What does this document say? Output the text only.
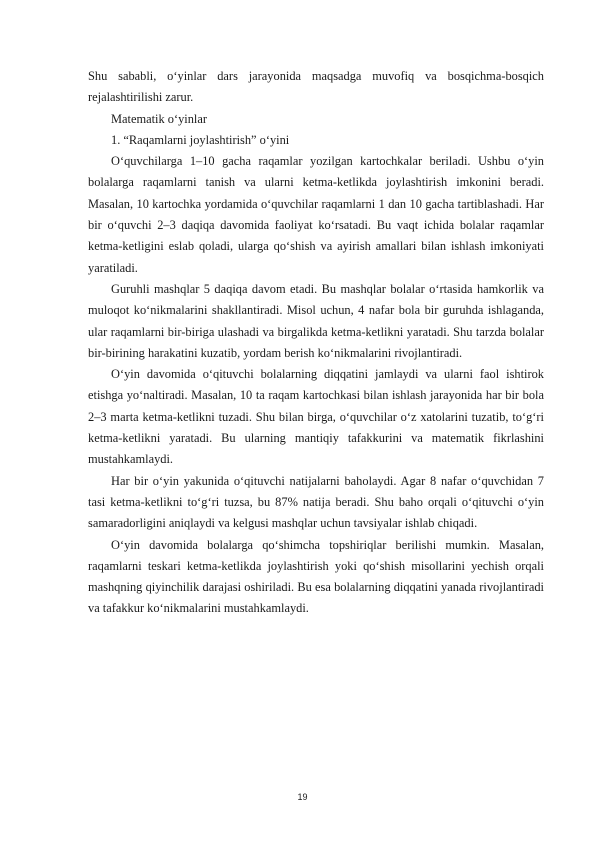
Shu sababli, o‘yinlar dars jarayonida maqsadga muvofiq va bosqichma-bosqich rejalashtirilishi zarur.

Matematik o‘yinlar

1. “Raqamlarni joylashtirish” o‘yini

O‘quvchilarga 1–10 gacha raqamlar yozilgan kartochkalar beriladi. Ushbu o‘yin bolalarga raqamlarni tanish va ularni ketma-ketlikda joylashtirish imkonini beradi. Masalan, 10 kartochka yordamida o‘quvchilar raqamlarni 1 dan 10 gacha tartiblashadi. Har bir o‘quvchi 2–3 daqiqa davomida faoliyat ko‘rsatadi. Bu vaqt ichida bolalar raqamlar ketma-ketligini eslab qoladi, ularga qo‘shish va ayirish amallari bilan ishlash imkoniyati yaratiladi.

Guruhli mashqlar 5 daqiqa davom etadi. Bu mashqlar bolalar o‘rtasida hamkorlik va muloqot ko‘nikmalarini shakllantiradi. Misol uchun, 4 nafar bola bir guruhda ishlaganda, ular raqamlarni bir-biriga ulashadi va birgalikda ketma-ketlikni yaratadi. Shu tarzda bolalar bir-birining harakatini kuzatib, yordam berish ko‘nikmalarini rivojlantiradi.

O‘yin davomida o‘qituvchi bolalarning diqqatini jamlaydi va ularni faol ishtirok etishga yo‘naltiradi. Masalan, 10 ta raqam kartochkasi bilan ishlash jarayonida har bir bola 2–3 marta ketma-ketlikni tuzadi. Shu bilan birga, o‘quvchilar o‘z xatolarini tuzatib, to‘g‘ri ketma-ketlikni yaratadi. Bu ularning mantiqiy tafakkurini va matematik fikrlashini mustahkamlaydi.

Har bir o‘yin yakunida o‘qituvchi natijalarni baholaydi. Agar 8 nafar o‘quvchidan 7 tasi ketma-ketlikni to‘g‘ri tuzsa, bu 87% natija beradi. Shu baho orqali o‘qituvchi o‘yin samaradorligini aniqlaydi va kelgusi mashqlar uchun tavsiyalar ishlab chiqadi.

O‘yin davomida bolalarga qo‘shimcha topshiriqlar berilishi mumkin. Masalan, raqamlarni teskari ketma-ketlikda joylashtirish yoki qo‘shish misollarini yechish orqali mashqning qiyinchilik darajasi oshiriladi. Bu esa bolalarning diqqatini yanada rivojlantiradi va tafakkur ko‘nikmalarini mustahkamlaydi.

19
